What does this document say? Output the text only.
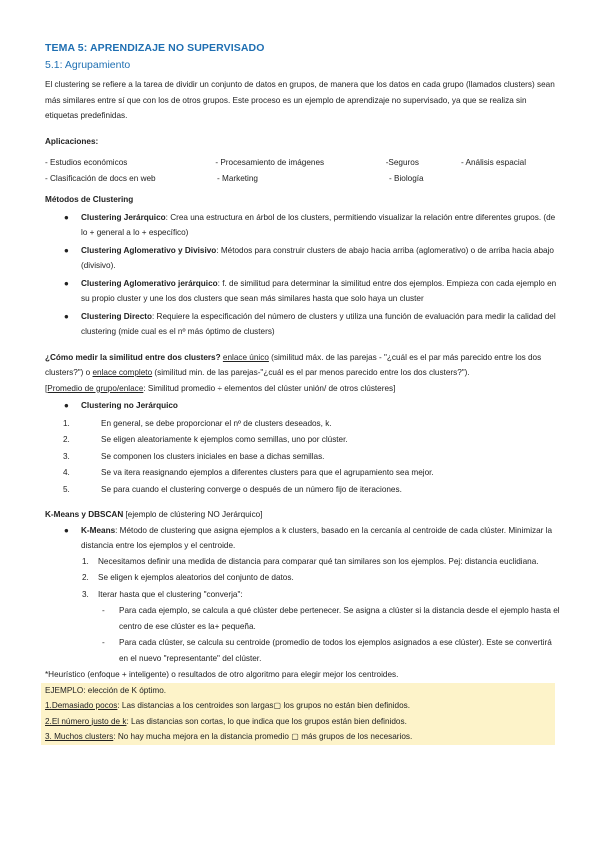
TEMA 5: APRENDIZAJE NO SUPERVISADO
5.1: Agrupamiento

El clustering se refiere a la tarea de dividir un conjunto de datos en grupos, de manera que los datos en cada grupo (llamados clusters) sean más similares entre sí que con los de otros grupos. Este proceso es un ejemplo de aprendizaje no supervisado, ya que se realiza sin etiquetas predefinidas.

Aplicaciones:

- Estudios económicos	- Procesamiento de imágenes	-Seguros	- Análisis espacial
- Clasificación de docs en web	- Marketing	- Biología

Métodos de Clustering

● Clustering Jerárquico: Crea una estructura en árbol de los clusters, permitiendo visualizar la relación entre diferentes grupos. (de lo + general a lo + específico)
● Clustering Aglomerativo y Divisivo: Métodos para construir clusters de abajo hacia arriba (aglomerativo) o de arriba hacia abajo (divisivo).
● Clustering Aglomerativo jerárquico: f. de similitud para determinar la similitud entre dos ejemplos. Empieza con cada ejemplo en su propio cluster y une los dos clusters que sean más similares hasta que solo haya un cluster
● Clustering Directo: Requiere la especificación del número de clusters y utiliza una función de evaluación para medir la calidad del clustering (mide cual es el nº más óptimo de clusters)

¿Cómo medir la similitud entre dos clusters? enlace único (similitud máx. de las parejas - "¿cuál es el par más parecido entre los dos clusters?") o enlace completo (similitud min. de las parejas-"¿cuál es el par menos parecido entre los dos clusters?").

[Promedio de grupo/enlace: Similitud promedio ÷ elementos del clúster unión/ de otros clústeres]

● Clustering no Jerárquico
1.	En general, se debe proporcionar el nº de clusters deseados, k.
2.	Se eligen aleatoriamente k ejemplos como semillas, uno por clúster.
3.	Se componen los clusters iniciales en base a dichas semillas.
4.	Se va itera reasignando ejemplos a diferentes clusters para que el agrupamiento sea mejor.
5.	Se para cuando el clustering converge o después de un número fijo de iteraciones.

K-Means y DBSCAN [ejemplo de clústering NO Jerárquico]

● K-Means: Método de clustering que asigna ejemplos a k clusters, basado en la cercanía al centroide de cada clúster. Minimizar la distancia entre los ejemplos y el centroide.
1. Necesitamos definir una medida de distancia para comparar qué tan similares son los ejemplos. Pej: distancia euclidiana.
2. Se eligen k ejemplos aleatorios del conjunto de datos.
3. Iterar hasta que el clustering "converja":
- Para cada ejemplo, se calcula a qué clúster debe pertenecer. Se asigna a clúster si la distancia desde el ejemplo hasta el centro de ese clúster es la+ pequeña.
- Para cada clúster, se calcula su centroide (promedio de todos los ejemplos asignados a ese clúster). Este se convertirá en el nuevo "representante" del clúster.

*Heurístico (enfoque + inteligente) o resultados de otro algoritmo para elegir mejor los centroides.

EJEMPLO: elección de K óptimo.

1.Demasiado pocos: Las distancias a los centroides son largas▢ los grupos no están bien definidos.

2.El número justo de k: Las distancias son cortas, lo que indica que los grupos están bien definidos.

3. Muchos clusters: No hay mucha mejora en la distancia promedio ▢ más grupos de los necesarios.
